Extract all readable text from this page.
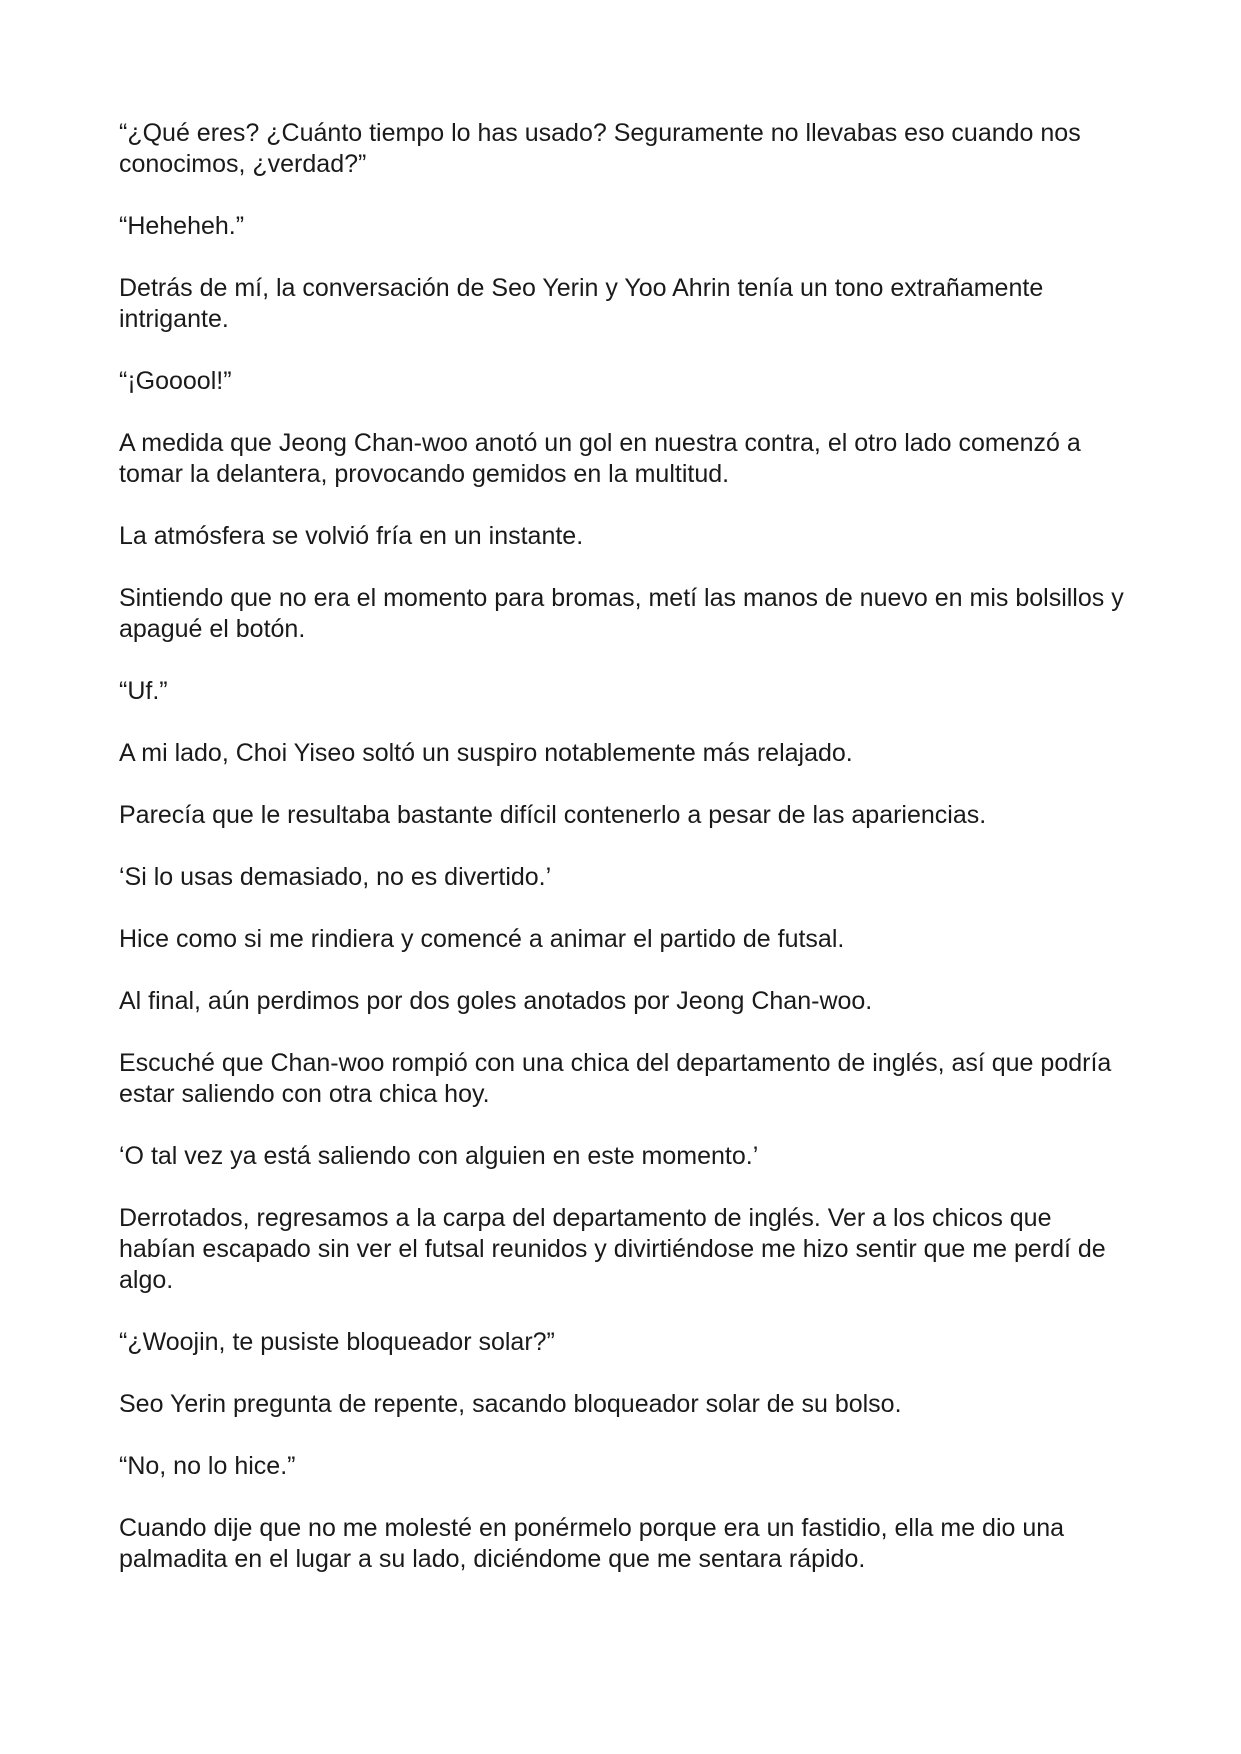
“¿Qué eres? ¿Cuánto tiempo lo has usado? Seguramente no llevabas eso cuando nos conocimos, ¿verdad?”

“Heheheh.”

Detrás de mí, la conversación de Seo Yerin y Yoo Ahrin tenía un tono extrañamente intrigante.

“¡Gooool!”

A medida que Jeong Chan-woo anotó un gol en nuestra contra, el otro lado comenzó a tomar la delantera, provocando gemidos en la multitud.

La atmósfera se volvió fría en un instante.

Sintiendo que no era el momento para bromas, metí las manos de nuevo en mis bolsillos y apagué el botón.

“Uf.”

A mi lado, Choi Yiseo soltó un suspiro notablemente más relajado.

Parecía que le resultaba bastante difícil contenerlo a pesar de las apariencias.

‘Si lo usas demasiado, no es divertido.’

Hice como si me rindiera y comencé a animar el partido de futsal.

Al final, aún perdimos por dos goles anotados por Jeong Chan-woo.

Escuché que Chan-woo rompió con una chica del departamento de inglés, así que podría estar saliendo con otra chica hoy.

‘O tal vez ya está saliendo con alguien en este momento.’

Derrotados, regresamos a la carpa del departamento de inglés. Ver a los chicos que habían escapado sin ver el futsal reunidos y divirtiéndose me hizo sentir que me perdí de algo.

“¿Woojin, te pusiste bloqueador solar?”

Seo Yerin pregunta de repente, sacando bloqueador solar de su bolso.

“No, no lo hice.”

Cuando dije que no me molesté en ponérmelo porque era un fastidio, ella me dio una palmadita en el lugar a su lado, diciéndome que me sentara rápido.
